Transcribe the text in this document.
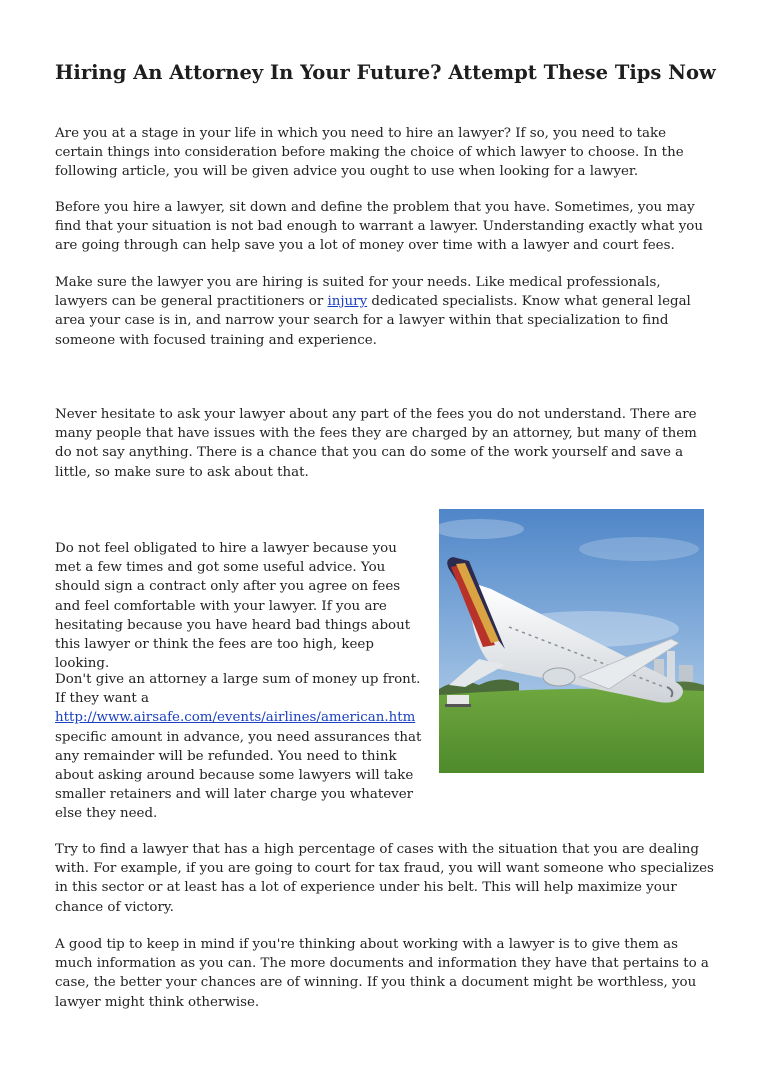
Hiring An Attorney In Your Future? Attempt These Tips Now

Are you at a stage in your life in which you need to hire an lawyer? If so, you need to take certain things into consideration before making the choice of which lawyer to choose. In the following article, you will be given advice you ought to use when looking for a lawyer.

Before you hire a lawyer, sit down and define the problem that you have. Sometimes, you may find that your situation is not bad enough to warrant a lawyer. Understanding exactly what you are going through can help save you a lot of money over time with a lawyer and court fees.

Make sure the lawyer you are hiring is suited for your needs. Like medical professionals, lawyers can be general practitioners or injury dedicated specialists. Know what general legal area your case is in, and narrow your search for a lawyer within that specialization to find someone with focused training and experience.

Never hesitate to ask your lawyer about any part of the fees you do not understand. There are many people that have issues with the fees they are charged by an attorney, but many of them do not say anything. There is a chance that you can do some of the work yourself and save a little, so make sure to ask about that.

Do not feel obligated to hire a lawyer because you met a few times and got some useful advice. You should sign a contract only after you agree on fees and feel comfortable with your lawyer. If you are hesitating because you have heard bad things about this lawyer or think the fees are too high, keep looking.

Don't give an attorney a large sum of money up front. If they want a http://www.airsafe.com/events/airlines/american.htm specific amount in advance, you need assurances that any remainder will be refunded. You need to think about asking around because some lawyers will take smaller retainers and will later charge you whatever else they need.

Try to find a lawyer that has a high percentage of cases with the situation that you are dealing with. For example, if you are going to court for tax fraud, you will want someone who specializes in this sector or at least has a lot of experience under his belt. This will help maximize your chance of victory.

A good tip to keep in mind if you're thinking about working with a lawyer is to give them as much information as you can. The more documents and information they have that pertains to a case, the better your chances are of winning. If you think a document might be worthless, you lawyer might think otherwise.
